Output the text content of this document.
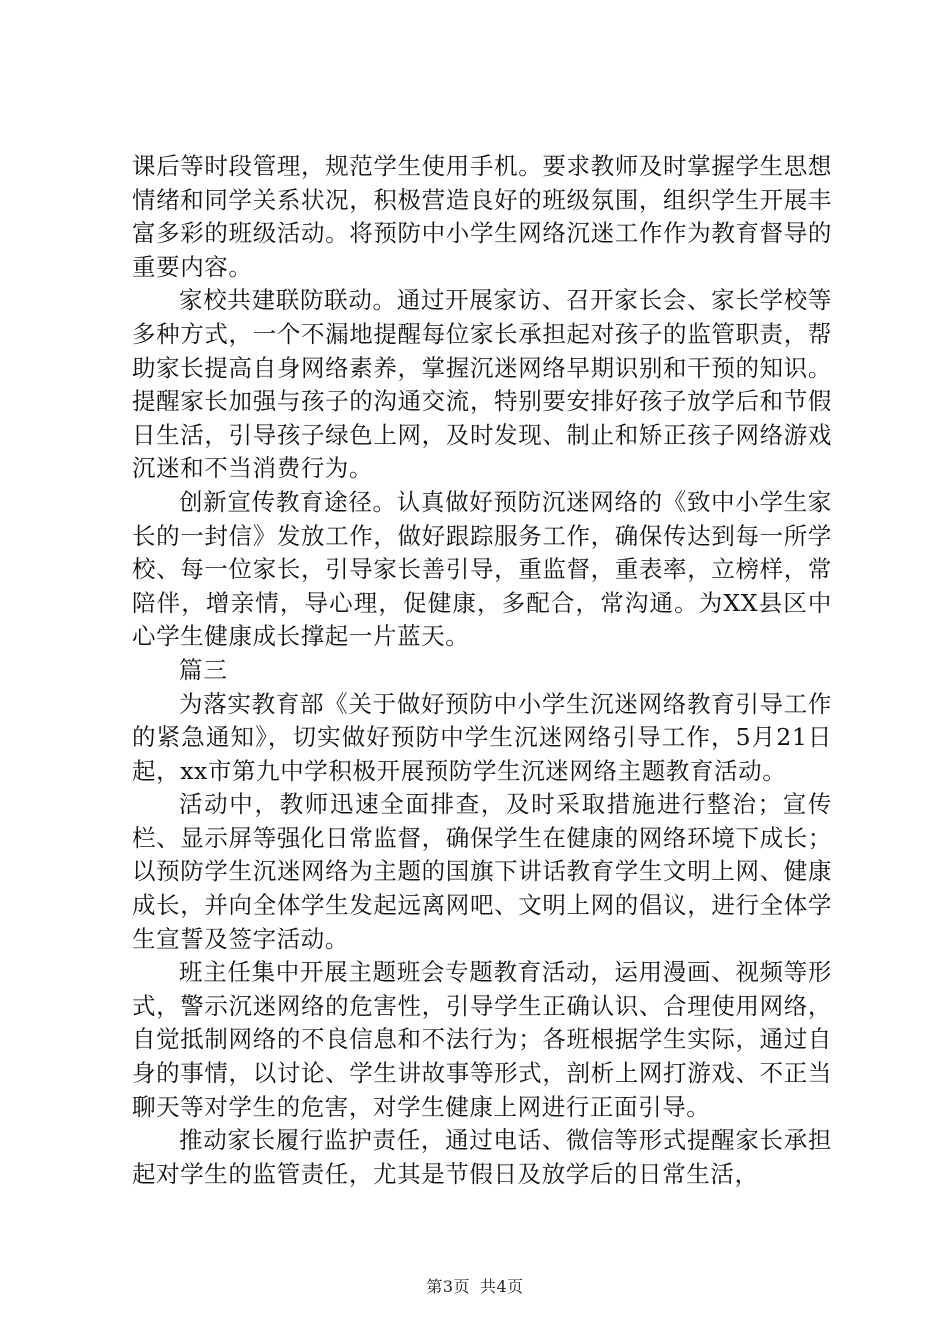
课后等时段管理，规范学生使用手机。要求教师及时掌握学生思想情绪和同学关系状况，积极营造良好的班级氛围，组织学生开展丰富多彩的班级活动。将预防中小学生网络沉迷工作作为教育督导的重要内容。

家校共建联防联动。通过开展家访、召开家长会、家长学校等多种方式，一个不漏地提醒每位家长承担起对孩子的监管职责，帮助家长提高自身网络素养，掌握沉迷网络早期识别和干预的知识。提醒家长加强与孩子的沟通交流，特别要安排好孩子放学后和节假日生活，引导孩子绿色上网，及时发现、制止和矫正孩子网络游戏沉迷和不当消费行为。

创新宣传教育途径。认真做好预防沉迷网络的《致中小学生家长的一封信》发放工作，做好跟踪服务工作，确保传达到每一所学校、每一位家长，引导家长善引导，重监督，重表率，立榜样，常陪伴，增亲情，导心理，促健康，多配合，常沟通。为XX县区中心学生健康成长撑起一片蓝天。

篇三

为落实教育部《关于做好预防中小学生沉迷网络教育引导工作的紧急通知》，切实做好预防中学生沉迷网络引导工作，5月21日起，xx市第九中学积极开展预防学生沉迷网络主题教育活动。

活动中，教师迅速全面排查，及时采取措施进行整治；宣传栏、显示屏等强化日常监督，确保学生在健康的网络环境下成长；以预防学生沉迷网络为主题的国旗下讲话教育学生文明上网、健康成长，并向全体学生发起远离网吧、文明上网的倡议，进行全体学生宣誓及签字活动。

班主任集中开展主题班会专题教育活动，运用漫画、视频等形式，警示沉迷网络的危害性，引导学生正确认识、合理使用网络，自觉抵制网络的不良信息和不法行为；各班根据学生实际，通过自身的事情，以讨论、学生讲故事等形式，剖析上网打游戏、不正当聊天等对学生的危害，对学生健康上网进行正面引导。

推动家长履行监护责任，通过电话、微信等形式提醒家长承担起对学生的监管责任，尤其是节假日及放学后的日常生活，

第3页 共4页
